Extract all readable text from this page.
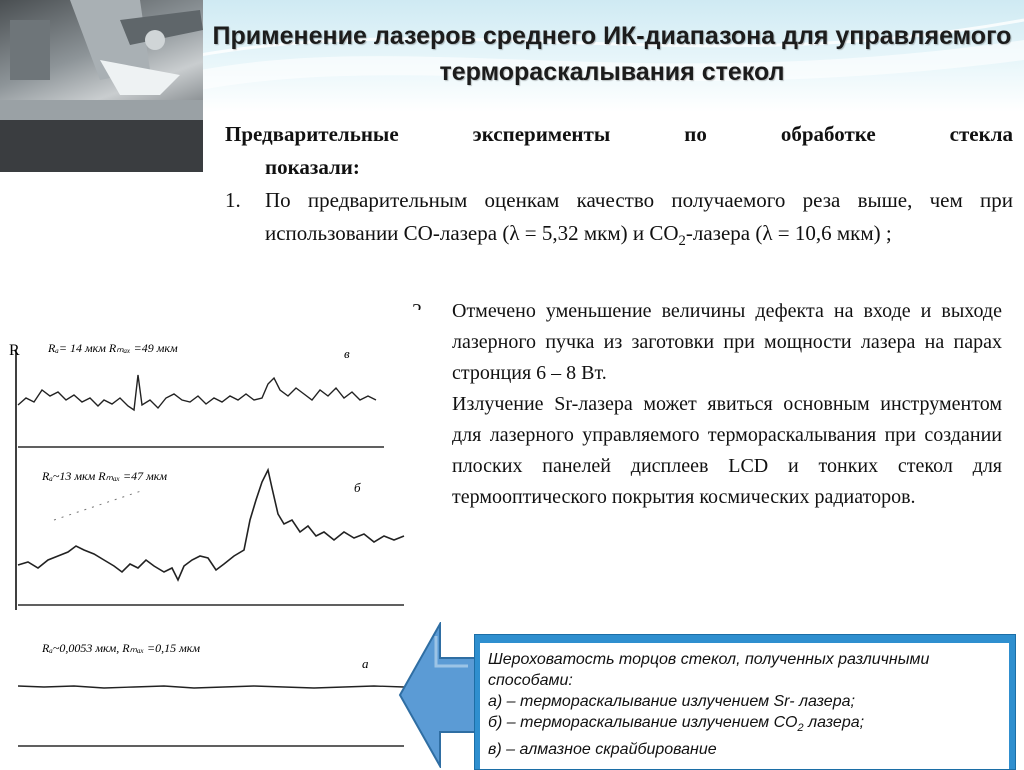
Применение лазеров среднего ИК-диапазона для управляемого термораскалывания стекол
Предварительные эксперименты по обработке стекла
показали:
1. По предварительным оценкам качество получаемого реза выше, чем при использовании СО-лазера (λ = 5,32 мкм) и $СО_2$-лазера (λ = 10,6 мкм) ;
Отмечено уменьшение величины дефекта на входе и выходе лазерного пучка из заготовки при мощности лазера на парах стронция 6 – 8 Вт.
Излучение Sr-лазера может явиться основным инструментом для лазерного управляемого термораскалывания при создании плоских панелей дисплеев LCD и тонких стекол для термооптического покрытия космических радиаторов.
R Rₐ= 14 мкм Rₘₐₓ =49 мкм	в
Rₐ~13 мкм Rₘₐₓ =47 мкм
б
Rₐ~0,0053 мкм, Rₘₐₓ =0,15 мкм
а	Шероховатость торцов стекол, полученных различными способами:
а) – термораскалывание излучением Sr- лазера;
б) – термораскалывание излучением $СО_2$ лазера;
в) – алмазное скрайбирование
